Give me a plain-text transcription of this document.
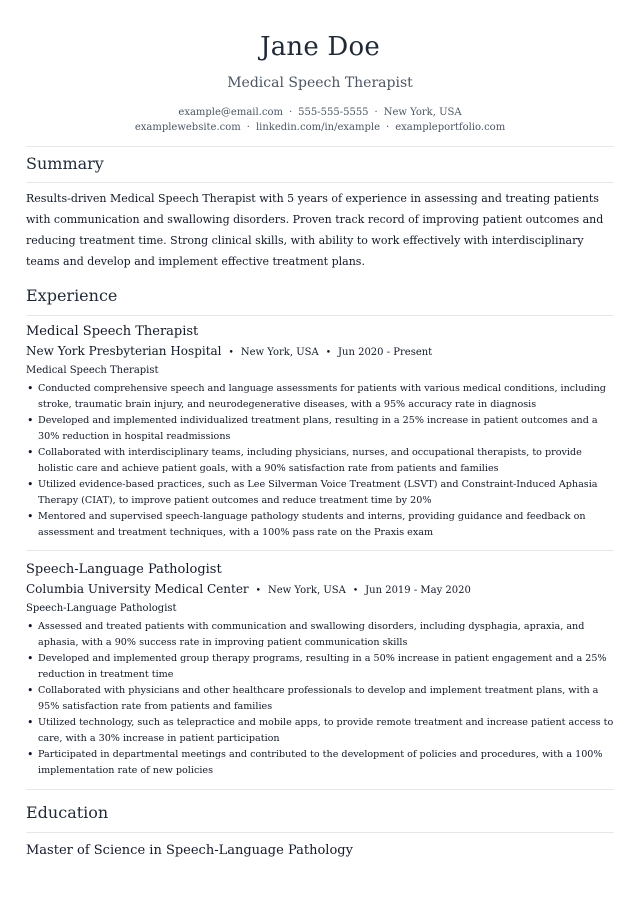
Jane Doe
Medical Speech Therapist
example@email.com · 555-555-5555 · New York, USA
examplewebsite.com · linkedin.com/in/example · exampleportfolio.com
Summary
Results-driven Medical Speech Therapist with 5 years of experience in assessing and treating patients with communication and swallowing disorders. Proven track record of improving patient outcomes and reducing treatment time. Strong clinical skills, with ability to work effectively with interdisciplinary teams and develop and implement effective treatment plans.
Experience
Medical Speech Therapist
New York Presbyterian Hospital • New York, USA • Jun 2020 - Present
Medical Speech Therapist
• Conducted comprehensive speech and language assessments for patients with various medical conditions, including stroke, traumatic brain injury, and neurodegenerative diseases, with a 95% accuracy rate in diagnosis
• Developed and implemented individualized treatment plans, resulting in a 25% increase in patient outcomes and a 30% reduction in hospital readmissions
• Collaborated with interdisciplinary teams, including physicians, nurses, and occupational therapists, to provide holistic care and achieve patient goals, with a 90% satisfaction rate from patients and families
• Utilized evidence-based practices, such as Lee Silverman Voice Treatment (LSVT) and Constraint-Induced Aphasia Therapy (CIAT), to improve patient outcomes and reduce treatment time by 20%
• Mentored and supervised speech-language pathology students and interns, providing guidance and feedback on assessment and treatment techniques, with a 100% pass rate on the Praxis exam
Speech-Language Pathologist
Columbia University Medical Center • New York, USA • Jun 2019 - May 2020
Speech-Language Pathologist
• Assessed and treated patients with communication and swallowing disorders, including dysphagia, apraxia, and aphasia, with a 90% success rate in improving patient communication skills
• Developed and implemented group therapy programs, resulting in a 50% increase in patient engagement and a 25% reduction in treatment time
• Collaborated with physicians and other healthcare professionals to develop and implement treatment plans, with a 95% satisfaction rate from patients and families
• Utilized technology, such as telepractice and mobile apps, to provide remote treatment and increase patient access to care, with a 30% increase in patient participation
• Participated in departmental meetings and contributed to the development of policies and procedures, with a 100% implementation rate of new policies
Education
Master of Science in Speech-Language Pathology
